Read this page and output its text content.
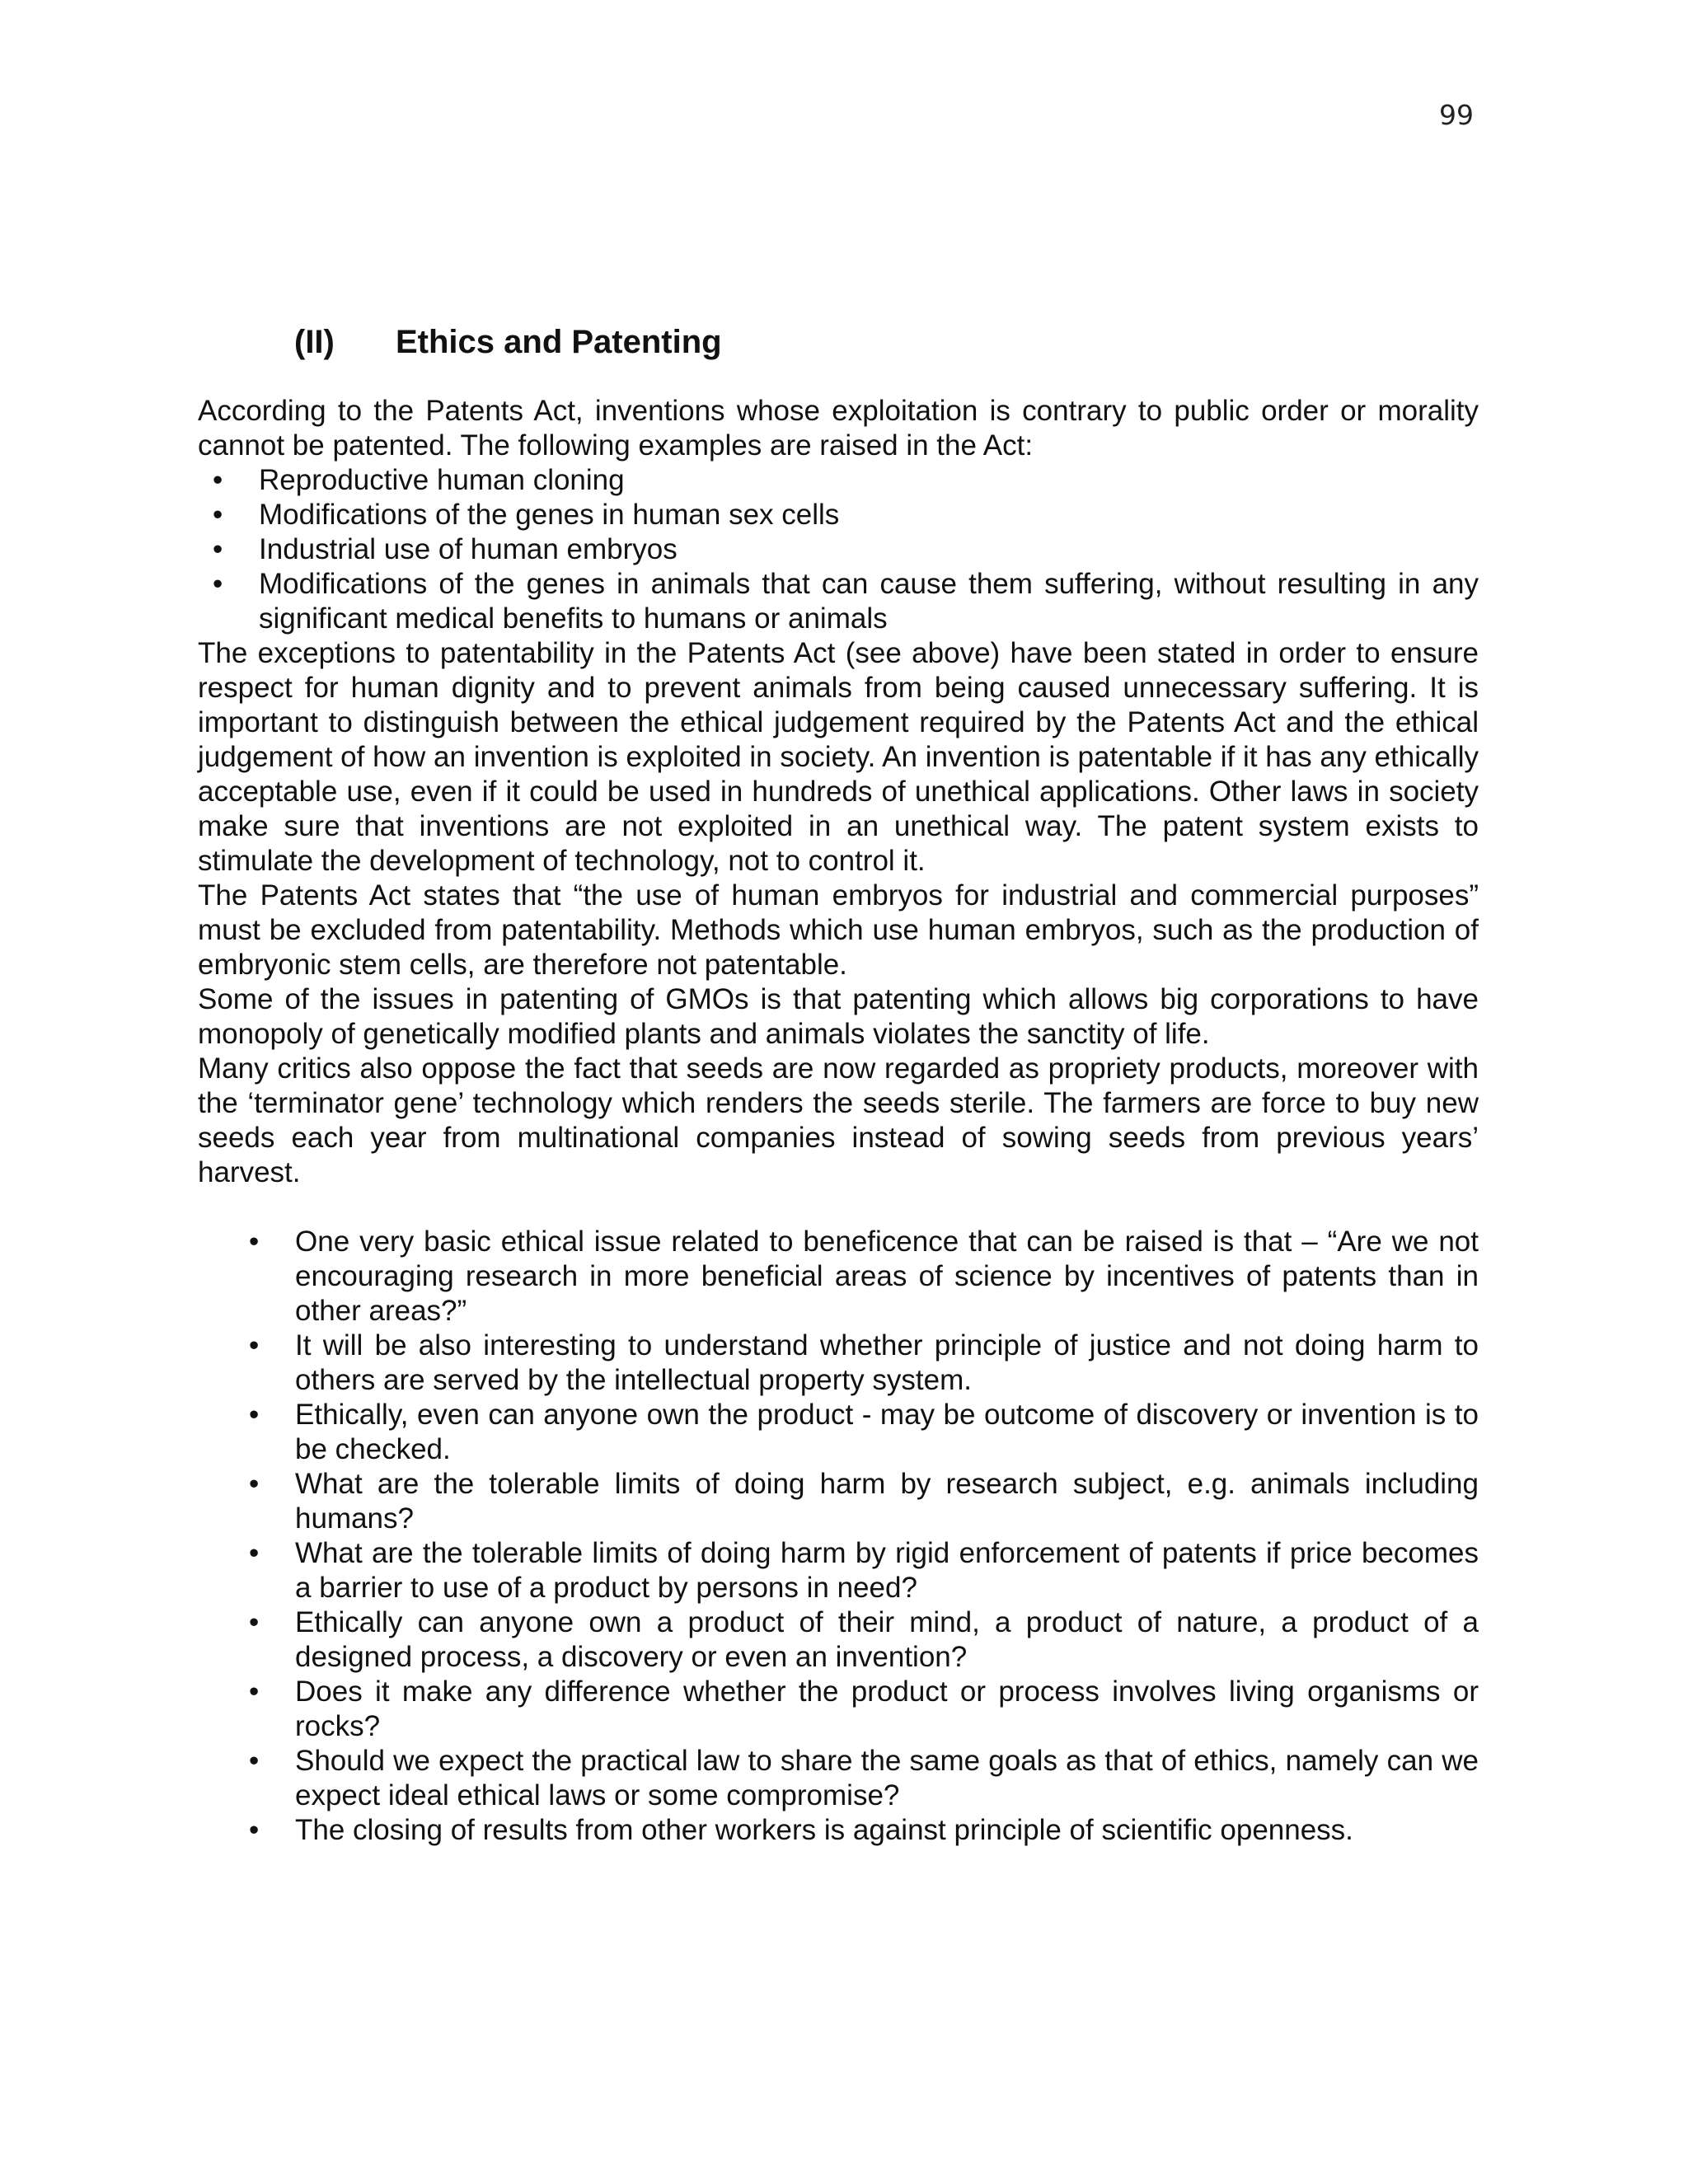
99
(II) Ethics and Patenting

According to the Patents Act, inventions whose exploitation is contrary to public order or morality cannot be patented. The following examples are raised in the Act:

• Reproductive human cloning
• Modifications of the genes in human sex cells
• Industrial use of human embryos
• Modifications of the genes in animals that can cause them suffering, without resulting in any significant medical benefits to humans or animals

The exceptions to patentability in the Patents Act (see above) have been stated in order to ensure respect for human dignity and to prevent animals from being caused unnecessary suffering. It is important to distinguish between the ethical judgement required by the Patents Act and the ethical judgement of how an invention is exploited in society. An invention is patentable if it has any ethically acceptable use, even if it could be used in hundreds of unethical applications. Other laws in society make sure that inventions are not exploited in an unethical way. The patent system exists to stimulate the development of technology, not to control it.

The Patents Act states that “the use of human embryos for industrial and commercial purposes” must be excluded from patentability. Methods which use human embryos, such as the production of embryonic stem cells, are therefore not patentable.

Some of the issues in patenting of GMOs is that patenting which allows big corporations to have monopoly of genetically modified plants and animals violates the sanctity of life.

Many critics also oppose the fact that seeds are now regarded as propriety products, moreover with the ‘terminator gene’ technology which renders the seeds sterile. The farmers are force to buy new seeds each year from multinational companies instead of sowing seeds from previous years’ harvest.

• One very basic ethical issue related to beneficence that can be raised is that – “Are we not encouraging research in more beneficial areas of science by incentives of patents than in other areas?”
• It will be also interesting to understand whether principle of justice and not doing harm to others are served by the intellectual property system.
• Ethically, even can anyone own the product - may be outcome of discovery or invention is to be checked.
• What are the tolerable limits of doing harm by research subject, e.g. animals including humans?
• What are the tolerable limits of doing harm by rigid enforcement of patents if price becomes a barrier to use of a product by persons in need?
• Ethically can anyone own a product of their mind, a product of nature, a product of a designed process, a discovery or even an invention?
• Does it make any difference whether the product or process involves living organisms or rocks?
• Should we expect the practical law to share the same goals as that of ethics, namely can we expect ideal ethical laws or some compromise?
• The closing of results from other workers is against principle of scientific openness.
